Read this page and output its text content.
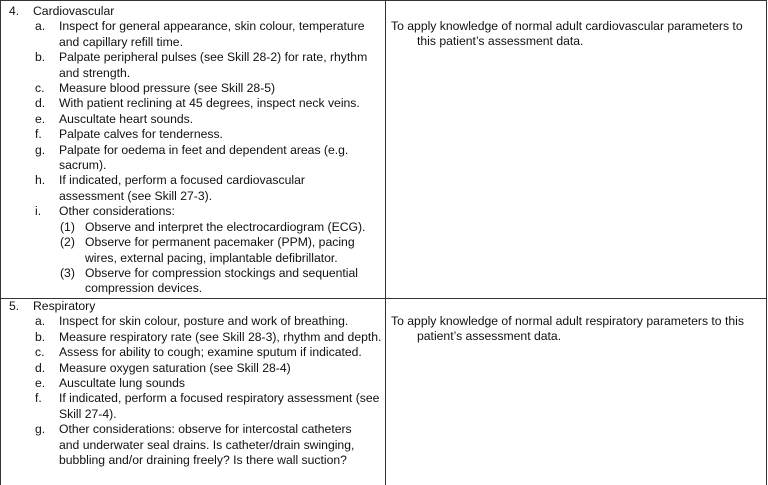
4.	Cardiovascular
a. Inspect for general appearance, skin colour, temperature and capillary refill time.
b. Palpate peripheral pulses (see Skill 28-2) for rate, rhythm and strength.
c. Measure blood pressure (see Skill 28-5)
d. With patient reclining at 45 degrees, inspect neck veins.
e. Auscultate heart sounds.
f. Palpate calves for tenderness.
g. Palpate for oedema in feet and dependent areas (e.g. sacrum).
h. If indicated, perform a focused cardiovascular assessment (see Skill 27-3).
i. Other considerations:
(1) Observe and interpret the electrocardiogram (ECG).
(2) Observe for permanent pacemaker (PPM), pacing wires, external pacing, implantable defibrillator.
(3) Observe for compression stockings and sequential compression devices.
To apply knowledge of normal adult cardiovascular parameters to
this patient’s assessment data.
5.	Respiratory
a. Inspect for skin colour, posture and work of breathing.
b. Measure respiratory rate (see Skill 28-3), rhythm and depth.
c. Assess for ability to cough; examine sputum if indicated.
d. Measure oxygen saturation (see Skill 28-4)
e. Auscultate lung sounds
f. If indicated, perform a focused respiratory assessment (see Skill 27-4).
g. Other considerations: observe for intercostal catheters and underwater seal drains. Is catheter/drain swinging, bubbling and/or draining freely? Is there wall suction?
To apply knowledge of normal adult respiratory parameters to this
patient’s assessment data.
